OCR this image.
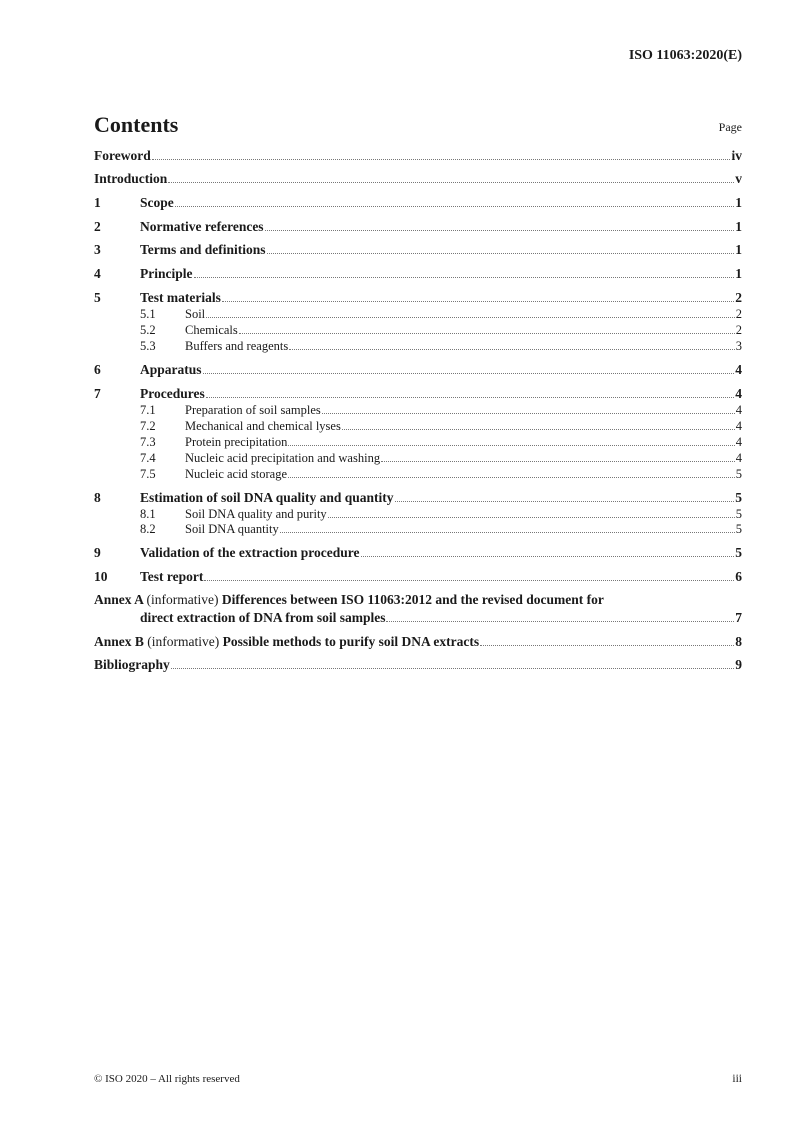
ISO 11063:2020(E)
Contents	Page
Foreword	iv
Introduction	v
1	Scope	1
2	Normative references	1
3	Terms and definitions	1
4	Principle	1
5	Test materials	2
5.1	Soil	2
5.2	Chemicals	2
5.3	Buffers and reagents	3
6	Apparatus	4
7	Procedures	4
7.1	Preparation of soil samples	4
7.2	Mechanical and chemical lyses	4
7.3	Protein precipitation	4
7.4	Nucleic acid precipitation and washing	4
7.5	Nucleic acid storage	5
8	Estimation of soil DNA quality and quantity	5
8.1	Soil DNA quality and purity	5
8.2	Soil DNA quantity	5
9	Validation of the extraction procedure	5
10	Test report	6
Annex A (informative) Differences between ISO 11063:2012 and the revised document for
direct extraction of DNA from soil samples	7
Annex B (informative) Possible methods to purify soil DNA extracts	8
Bibliography	9
© ISO 2020 – All rights reserved	iii
